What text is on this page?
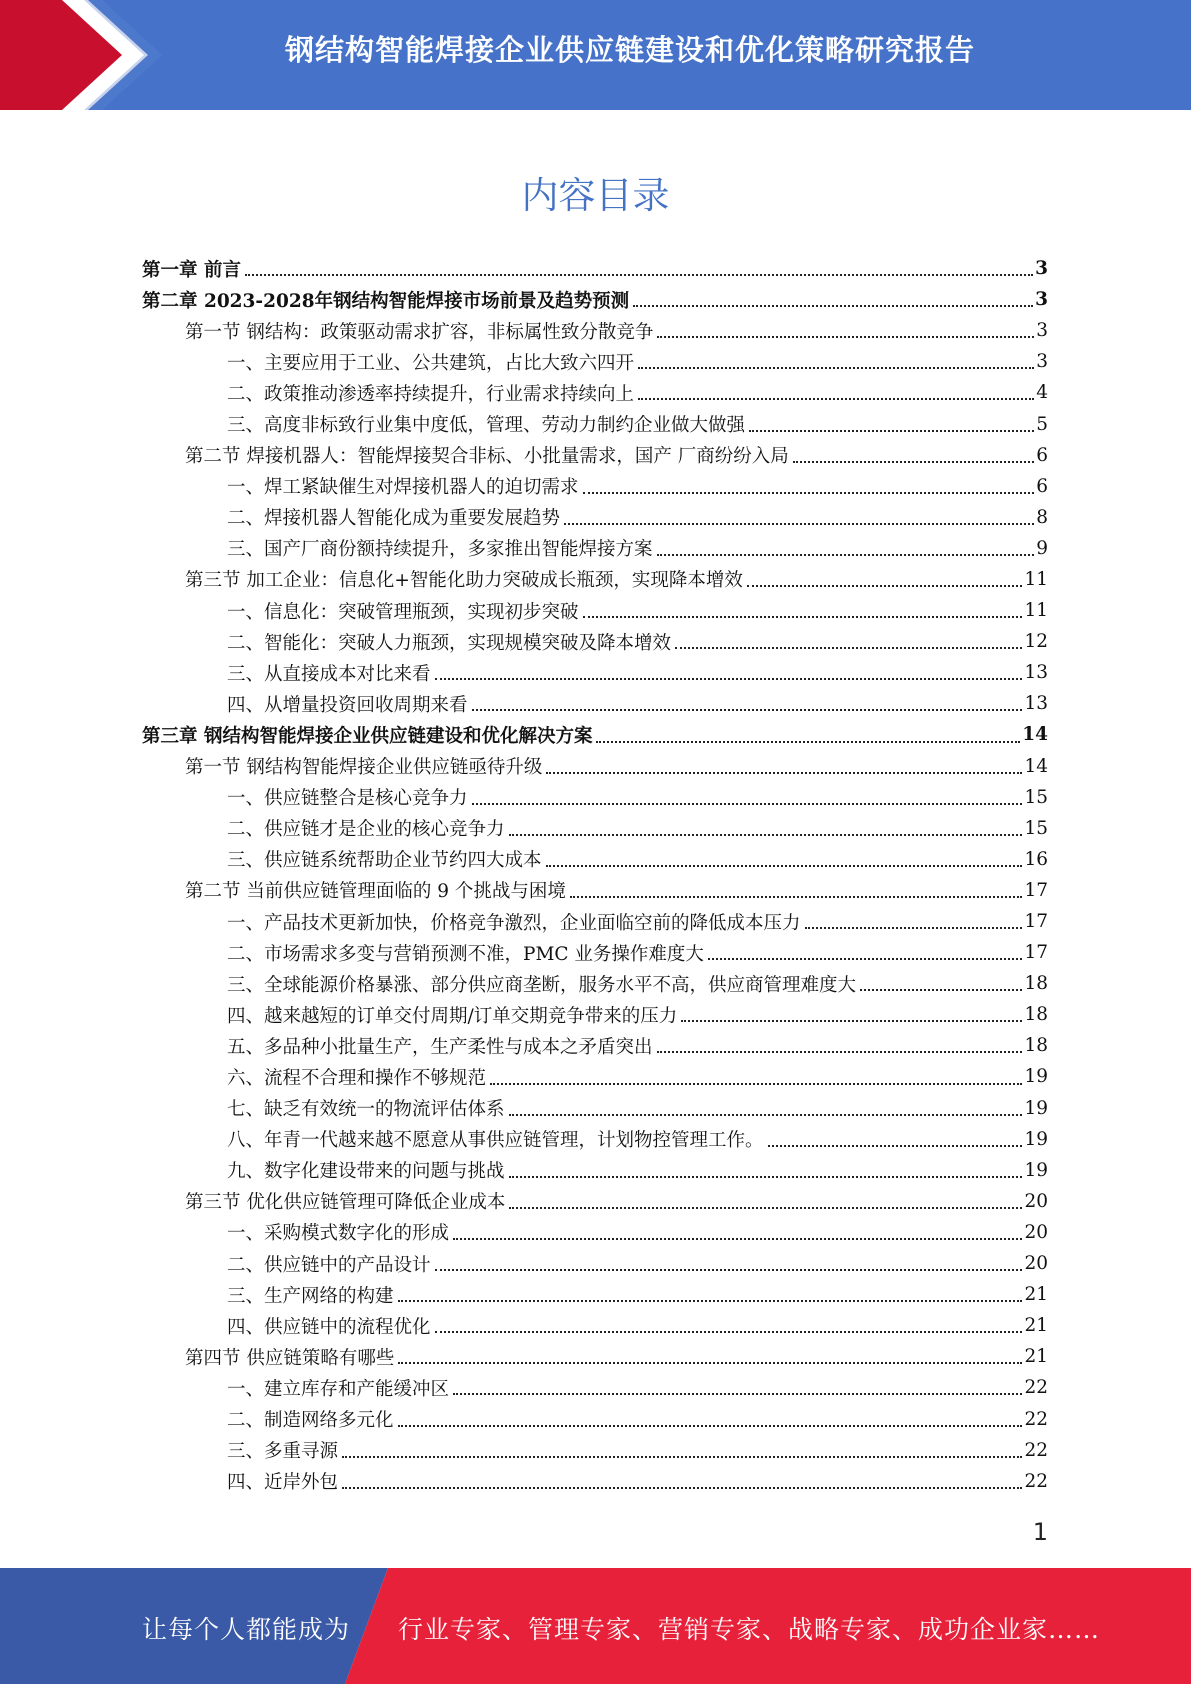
钢结构智能焊接企业供应链建设和优化策略研究报告
内容目录
第一章 前言	3
第二章 2023-2028年钢结构智能焊接市场前景及趋势预测	3
第一节 钢结构：政策驱动需求扩容，非标属性致分散竞争	3
一、主要应用于工业、公共建筑，占比大致六四开	3
二、政策推动渗透率持续提升，行业需求持续向上	4
三、高度非标致行业集中度低，管理、劳动力制约企业做大做强	5
第二节 焊接机器人：智能焊接契合非标、小批量需求，国产 厂商纷纷入局	6
一、焊工紧缺催生对焊接机器人的迫切需求	6
二、焊接机器人智能化成为重要发展趋势	8
三、国产厂商份额持续提升，多家推出智能焊接方案	9
第三节 加工企业：信息化+智能化助力突破成长瓶颈，实现降本增效	11
一、信息化：突破管理瓶颈，实现初步突破	11
二、智能化：突破人力瓶颈，实现规模突破及降本增效	12
三、从直接成本对比来看	13
四、从增量投资回收周期来看	13
第三章 钢结构智能焊接企业供应链建设和优化解决方案	14
第一节 钢结构智能焊接企业供应链亟待升级	14
一、供应链整合是核心竞争力	15
二、供应链才是企业的核心竞争力	15
三、供应链系统帮助企业节约四大成本	16
第二节 当前供应链管理面临的 9 个挑战与困境	17
一、产品技术更新加快，价格竞争激烈，企业面临空前的降低成本压力	17
二、市场需求多变与营销预测不准，PMC 业务操作难度大	17
三、全球能源价格暴涨、部分供应商垄断，服务水平不高，供应商管理难度大	18
四、越来越短的订单交付周期/订单交期竞争带来的压力	18
五、多品种小批量生产，生产柔性与成本之矛盾突出	18
六、流程不合理和操作不够规范	19
七、缺乏有效统一的物流评估体系	19
八、年青一代越来越不愿意从事供应链管理，计划物控管理工作。	19
九、数字化建设带来的问题与挑战	19
第三节 优化供应链管理可降低企业成本	20
一、采购模式数字化的形成	20
二、供应链中的产品设计	20
三、生产网络的构建	21
四、供应链中的流程优化	21
第四节 供应链策略有哪些	21
一、建立库存和产能缓冲区	22
二、制造网络多元化	22
三、多重寻源	22
四、近岸外包	22
1
让每个人都能成为 行业专家、管理专家、营销专家、战略专家、成功企业家……
